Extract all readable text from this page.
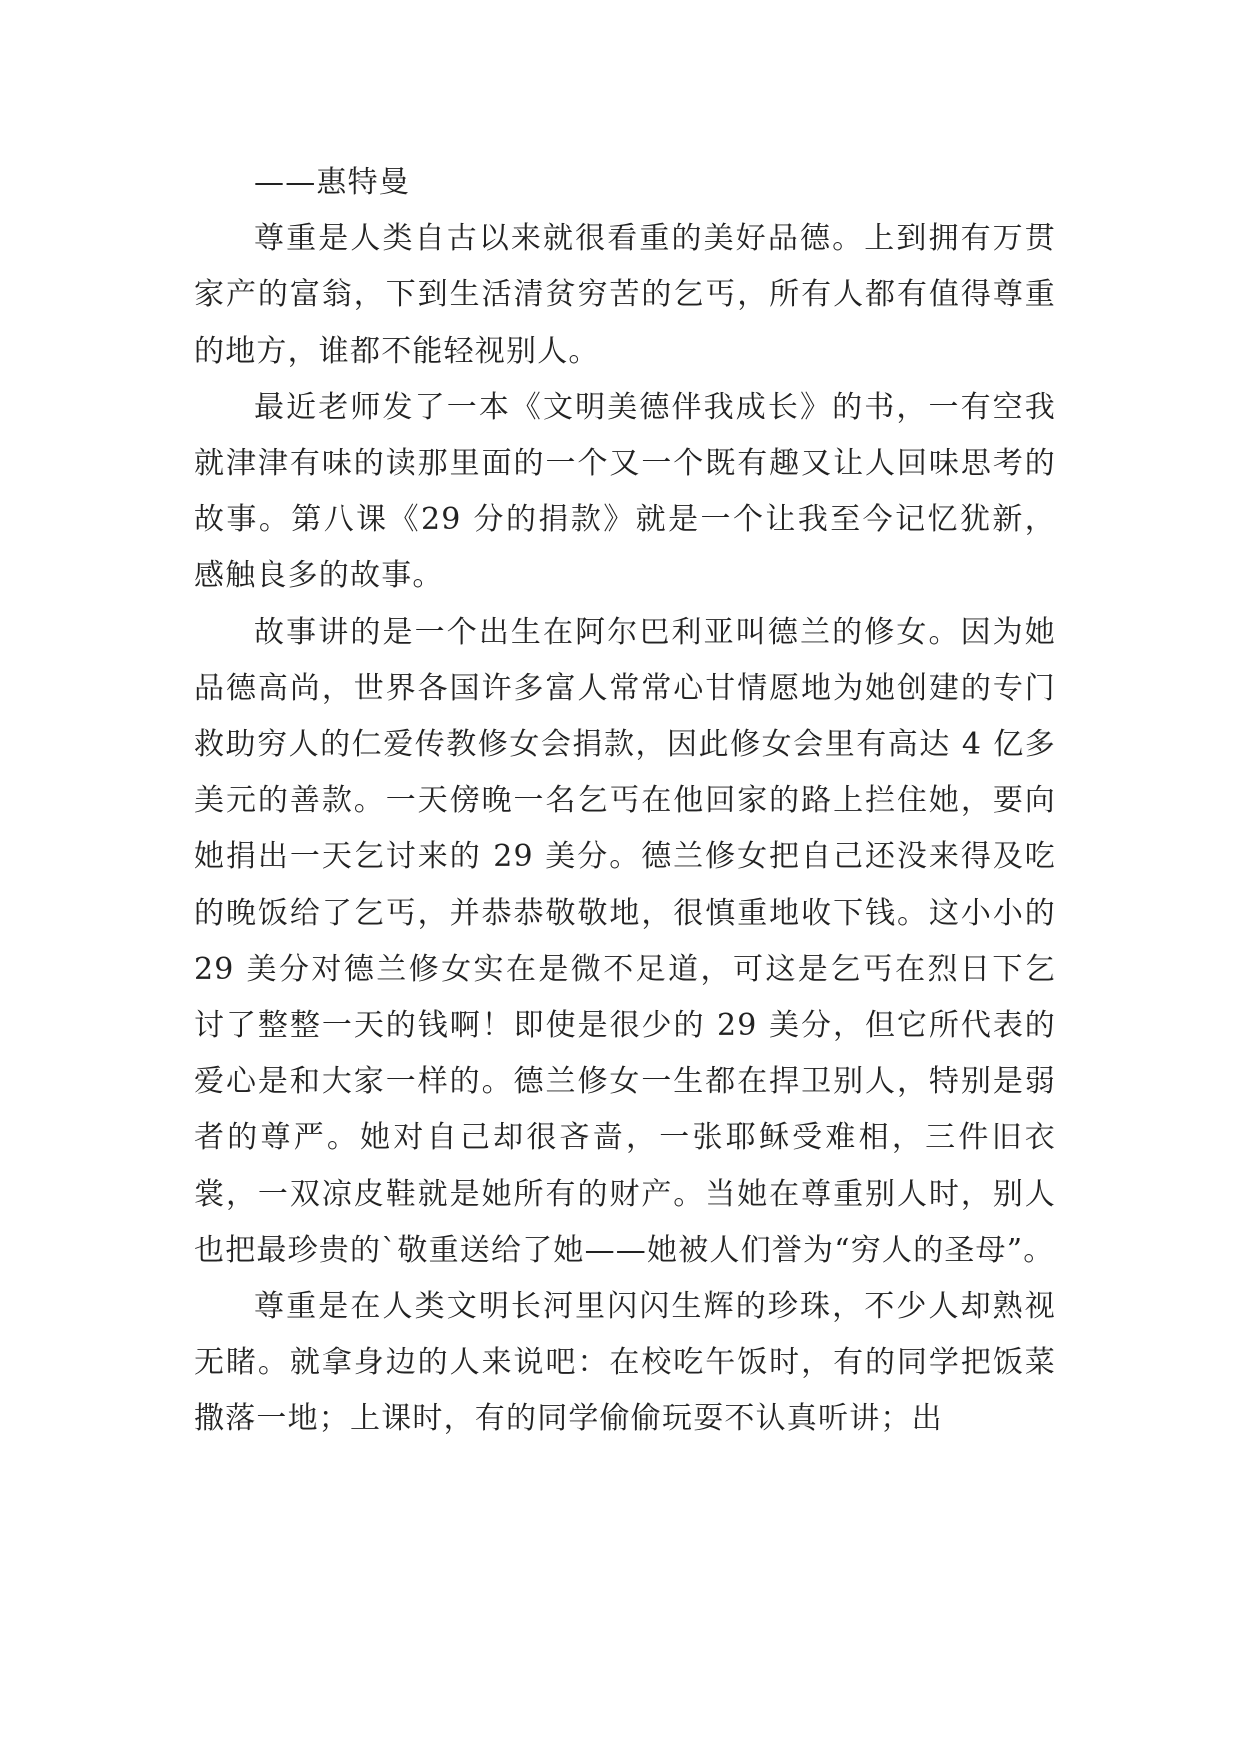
——惠特曼

尊重是人类自古以来就很看重的美好品德。上到拥有万贯家产的富翁，下到生活清贫穷苦的乞丐，所有人都有值得尊重的地方，谁都不能轻视别人。

最近老师发了一本《文明美德伴我成长》的书，一有空我就津津有味的读那里面的一个又一个既有趣又让人回味思考的故事。第八课《29 分的捐款》就是一个让我至今记忆犹新，感触良多的故事。

故事讲的是一个出生在阿尔巴利亚叫德兰的修女。因为她品德高尚，世界各国许多富人常常心甘情愿地为她创建的专门救助穷人的仁爱传教修女会捐款，因此修女会里有高达 4 亿多美元的善款。一天傍晚一名乞丐在他回家的路上拦住她，要向她捐出一天乞讨来的 29 美分。德兰修女把自己还没来得及吃的晚饭给了乞丐，并恭恭敬敬地，很慎重地收下钱。这小小的 29 美分对德兰修女实在是微不足道，可这是乞丐在烈日下乞讨了整整一天的钱啊！即使是很少的 29 美分，但它所代表的爱心是和大家一样的。德兰修女一生都在捍卫别人，特别是弱者的尊严。她对自己却很吝啬，一张耶稣受难相，三件旧衣裳，一双凉皮鞋就是她所有的财产。当她在尊重别人时，别人也把最珍贵的`敬重送给了她——她被人们誉为“穷人的圣母”。

尊重是在人类文明长河里闪闪生辉的珍珠，不少人却熟视无睹。就拿身边的人来说吧：在校吃午饭时，有的同学把饭菜撒落一地；上课时，有的同学偷偷玩耍不认真听讲；出
